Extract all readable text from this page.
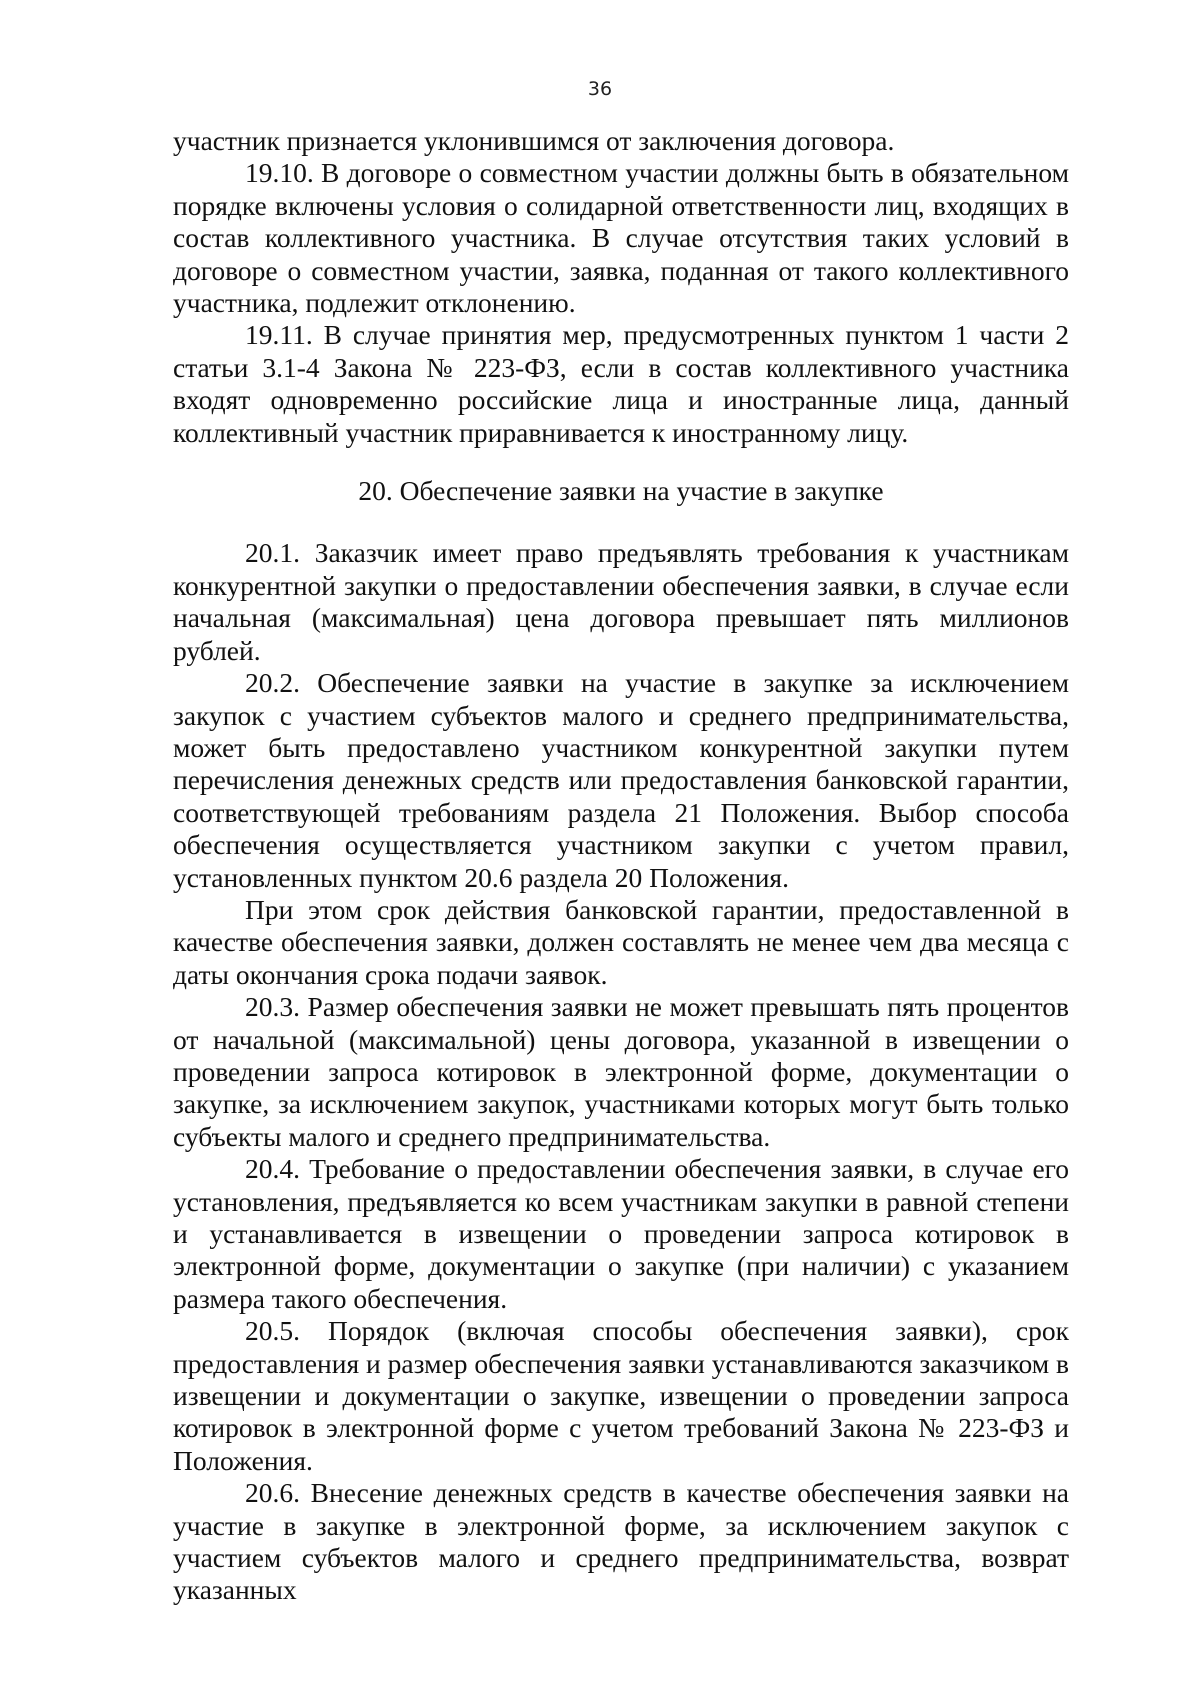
36

участник признается уклонившимся от заключения договора.

19.10. В договоре о совместном участии должны быть в обязательном порядке включены условия о солидарной ответственности лиц, входящих в состав коллективного участника. В случае отсутствия таких условий в договоре о совместном участии, заявка, поданная от такого коллективного участника, подлежит отклонению.

19.11. В случае принятия мер, предусмотренных пунктом 1 части 2 статьи 3.1-4 Закона № 223-ФЗ, если в состав коллективного участника входят одновременно российские лица и иностранные лица, данный коллективный участник приравнивается к иностранному лицу.

20. Обеспечение заявки на участие в закупке

20.1. Заказчик имеет право предъявлять требования к участникам конкурентной закупки о предоставлении обеспечения заявки, в случае если начальная (максимальная) цена договора превышает пять миллионов рублей.

20.2. Обеспечение заявки на участие в закупке за исключением закупок с участием субъектов малого и среднего предпринимательства, может быть предоставлено участником конкурентной закупки путем перечисления денежных средств или предоставления банковской гарантии, соответствующей требованиям раздела 21 Положения. Выбор способа обеспечения осуществляется участником закупки с учетом правил, установленных пунктом 20.6 раздела 20 Положения.

При этом срок действия банковской гарантии, предоставленной в качестве обеспечения заявки, должен составлять не менее чем два месяца с даты окончания срока подачи заявок.

20.3. Размер обеспечения заявки не может превышать пять процентов от начальной (максимальной) цены договора, указанной в извещении о проведении запроса котировок в электронной форме, документации о закупке, за исключением закупок, участниками которых могут быть только субъекты малого и среднего предпринимательства.

20.4. Требование о предоставлении обеспечения заявки, в случае его установления, предъявляется ко всем участникам закупки в равной степени и устанавливается в извещении о проведении запроса котировок в электронной форме, документации о закупке (при наличии) с указанием размера такого обеспечения.

20.5. Порядок (включая способы обеспечения заявки), срок предоставления и размер обеспечения заявки устанавливаются заказчиком в извещении и документации о закупке, извещении о проведении запроса котировок в электронной форме с учетом требований Закона № 223-ФЗ и Положения.

20.6. Внесение денежных средств в качестве обеспечения заявки на участие в закупке в электронной форме, за исключением закупок с участием субъектов малого и среднего предпринимательства, возврат указанных
